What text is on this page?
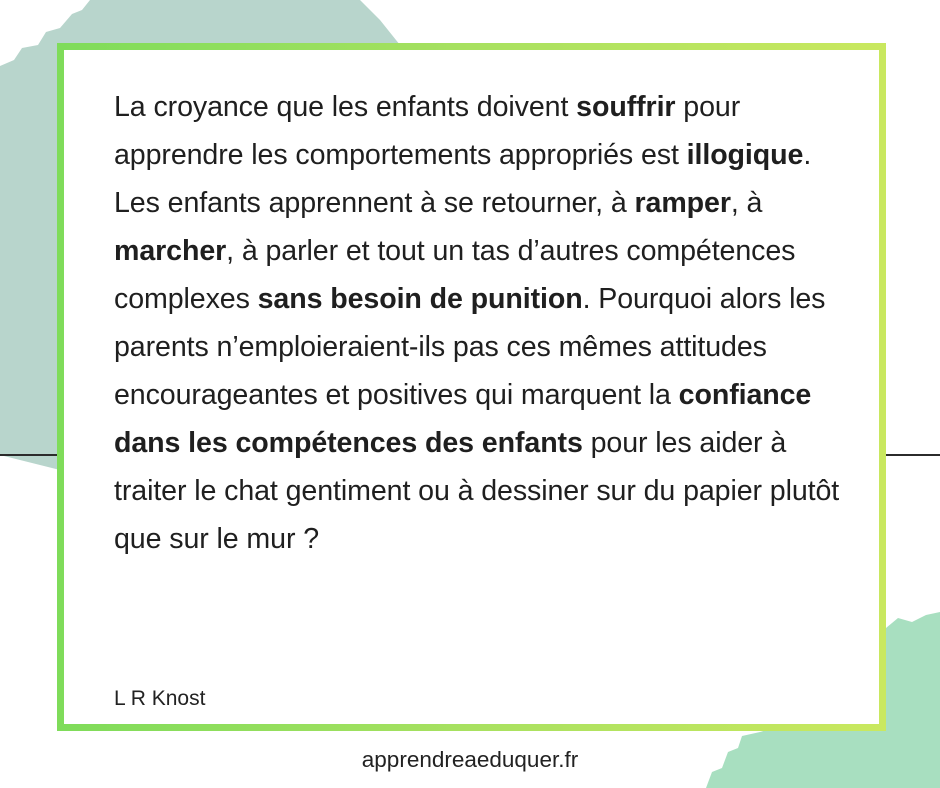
La croyance que les enfants doivent souffrir pour apprendre les comportements appropriés est illogique. Les enfants apprennent à se retourner, à ramper, à marcher, à parler et tout un tas d’autres compétences complexes sans besoin de punition. Pourquoi alors les parents n’emploieraient-ils pas ces mêmes attitudes encourageantes et positives qui marquent la confiance dans les compétences des enfants pour les aider à traiter le chat gentiment ou à dessiner sur du papier plutôt que sur le mur ?

L R Knost

apprendreaeduquer.fr
